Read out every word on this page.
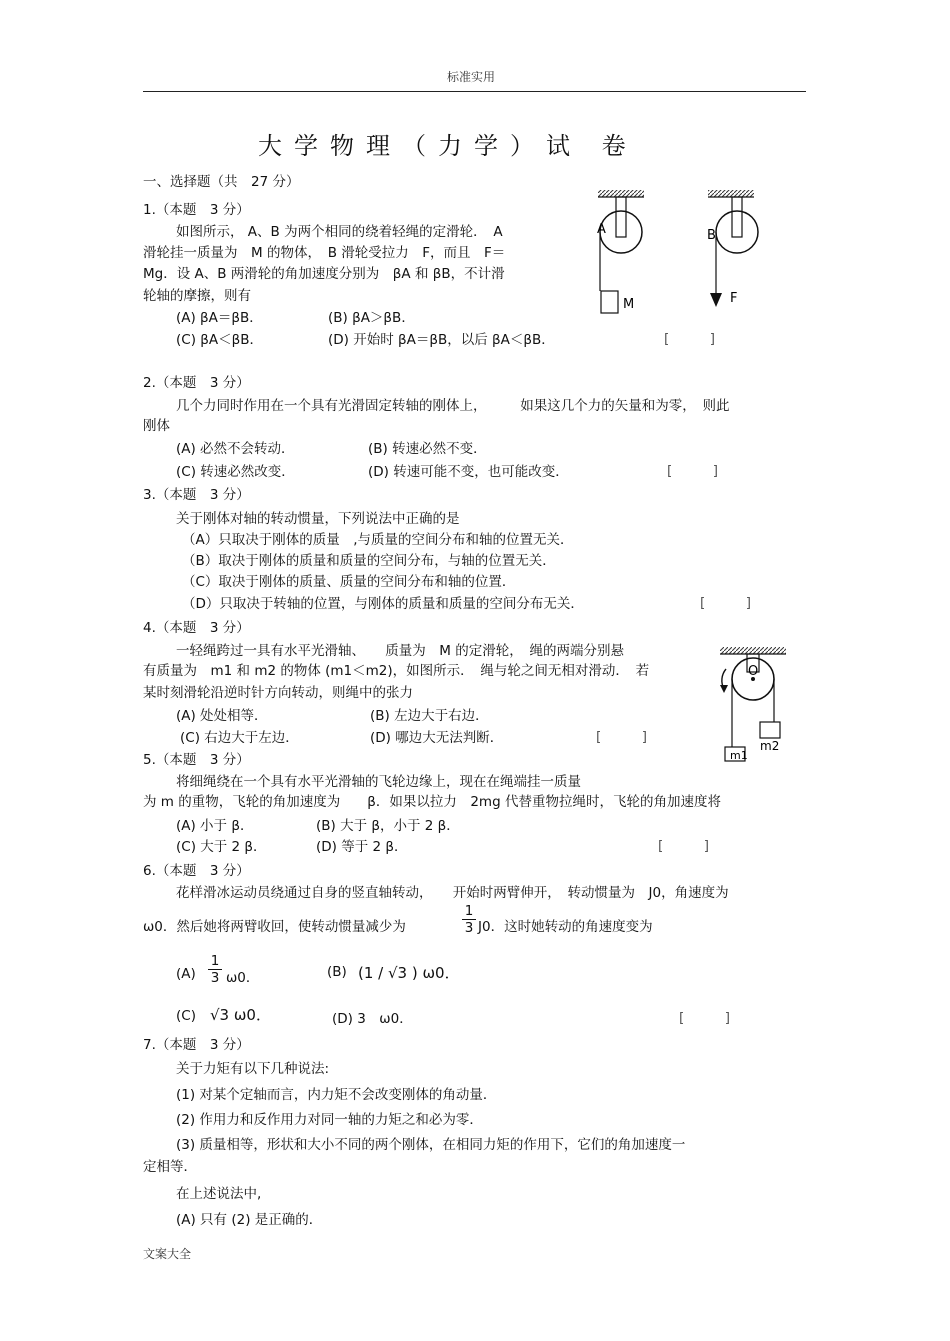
标准实用
大学物理（力学）试 卷
一、选择题（共　27 分）
1.（本题　3 分）
如图所示， A、B 为两个相同的绕着轻绳的定滑轮．　A
滑轮挂一质量为　M 的物体，　B 滑轮受拉力　F，而且　F＝
Mg．设 A、B 两滑轮的角加速度分别为　βA 和 βB，不计滑
轮轴的摩擦，则有
(A) βA＝βB．	(B) βA＞βB．
(C) βA＜βB．	(D) 开始时 βA＝βB，以后 βA＜βB．	[　　　]
A
M
B
F
2.（本题　3 分）
几个力同时作用在一个具有光滑固定转轴的刚体上，　　　如果这几个力的矢量和为零，　则此
刚体
(A) 必然不会转动．	(B) 转速必然不变．
(C) 转速必然改变．	(D) 转速可能不变，也可能改变．	[　　　]
3.（本题　3 分）
关于刚体对轴的转动惯量，下列说法中正确的是
（A）只取决于刚体的质量　,与质量的空间分布和轴的位置无关．
（B）取决于刚体的质量和质量的空间分布，与轴的位置无关．
（C）取决于刚体的质量、质量的空间分布和轴的位置．
（D）只取决于转轴的位置，与刚体的质量和质量的空间分布无关．	[　　　]
4.（本题　3 分）
一轻绳跨过一具有水平光滑轴、　　质量为　M 的定滑轮，　绳的两端分别悬
有质量为　m1 和 m2 的物体 (m1＜m2)，如图所示．　绳与轮之间无相对滑动．　若
某时刻滑轮沿逆时针方向转动，则绳中的张力
(A) 处处相等．	(B) 左边大于右边．
(C) 右边大于左边．	(D) 哪边大无法判断．	[　　　]
O
m1
m2
5.（本题　3 分）
将细绳绕在一个具有水平光滑轴的飞轮边缘上，现在在绳端挂一质量
为 m 的重物，飞轮的角加速度为　　β．如果以拉力　2mg 代替重物拉绳时，飞轮的角加速度将
(A) 小于 β．	(B) 大于 β，小于 2 β．
(C) 大于 2 β．	(D) 等于 2 β．	[　　　]
6.（本题　3 分）
花样滑冰运动员绕通过自身的竖直轴转动，　　开始时两臂伸开，　转动惯量为　J0，角速度为
ω0．然后她将两臂收回，使转动惯量减少为	$\frac{1}{3} J0$．这时她转动的角速度变为
$(A) \frac{1}{3} \omega 0$．	(B) (1 / √3 ) ω0．
(C) √3 ω0．	(D) 3　ω0．	[　　　]
7.（本题　3 分）
关于力矩有以下几种说法:
(1) 对某个定轴而言，内力矩不会改变刚体的角动量．
(2) 作用力和反作用力对同一轴的力矩之和必为零．
(3) 质量相等，形状和大小不同的两个刚体，在相同力矩的作用下，它们的角加速度一
定相等．
在上述说法中,
(A) 只有 (2) 是正确的．
文案大全
